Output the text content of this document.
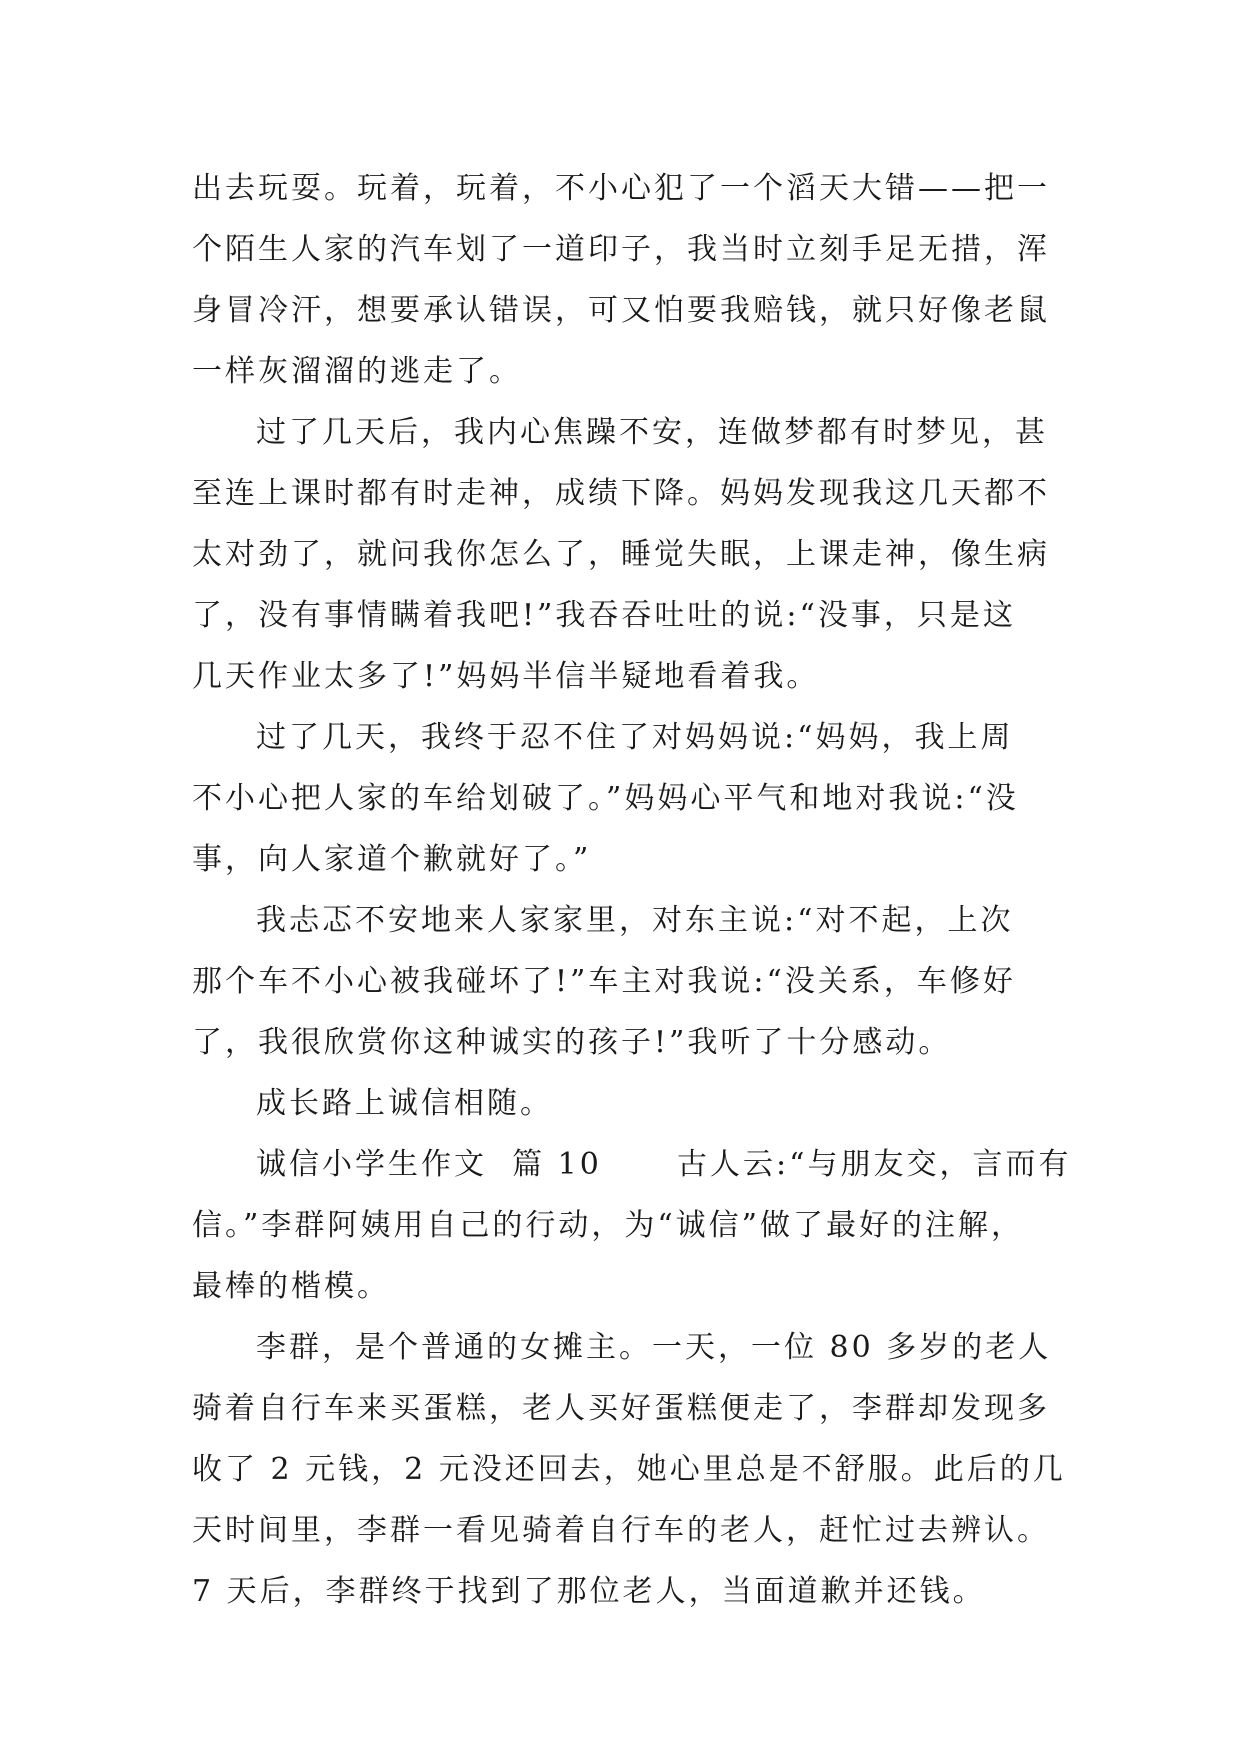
出去玩耍。玩着，玩着，不小心犯了一个滔天大错——把一
个陌生人家的汽车划了一道印子，我当时立刻手足无措，浑
身冒冷汗，想要承认错误，可又怕要我赔钱，就只好像老鼠
一样灰溜溜的逃走了。
过了几天后，我内心焦躁不安，连做梦都有时梦见，甚
至连上课时都有时走神，成绩下降。妈妈发现我这几天都不
太对劲了，就问我你怎么了，睡觉失眠，上课走神，像生病
了，没有事情瞒着我吧!”我吞吞吐吐的说:“没事，只是这
几天作业太多了!”妈妈半信半疑地看着我。
过了几天，我终于忍不住了对妈妈说:“妈妈，我上周
不小心把人家的车给划破了。”妈妈心平气和地对我说:“没
事，向人家道个歉就好了。”
我忐忑不安地来人家家里，对东主说:“对不起，上次
那个车不小心被我碰坏了!”车主对我说:“没关系，车修好
了，我很欣赏你这种诚实的孩子!”我听了十分感动。
成长路上诚信相随。
诚信小学生作文  篇 10      古人云:“与朋友交，言而有
信。”李群阿姨用自己的行动，为“诚信”做了最好的注解，
最棒的楷模。
李群，是个普通的女摊主。一天，一位 80 多岁的老人
骑着自行车来买蛋糕，老人买好蛋糕便走了，李群却发现多
收了 2 元钱，2 元没还回去，她心里总是不舒服。此后的几
天时间里，李群一看见骑着自行车的老人，赶忙过去辨认。
7 天后，李群终于找到了那位老人，当面道歉并还钱。
